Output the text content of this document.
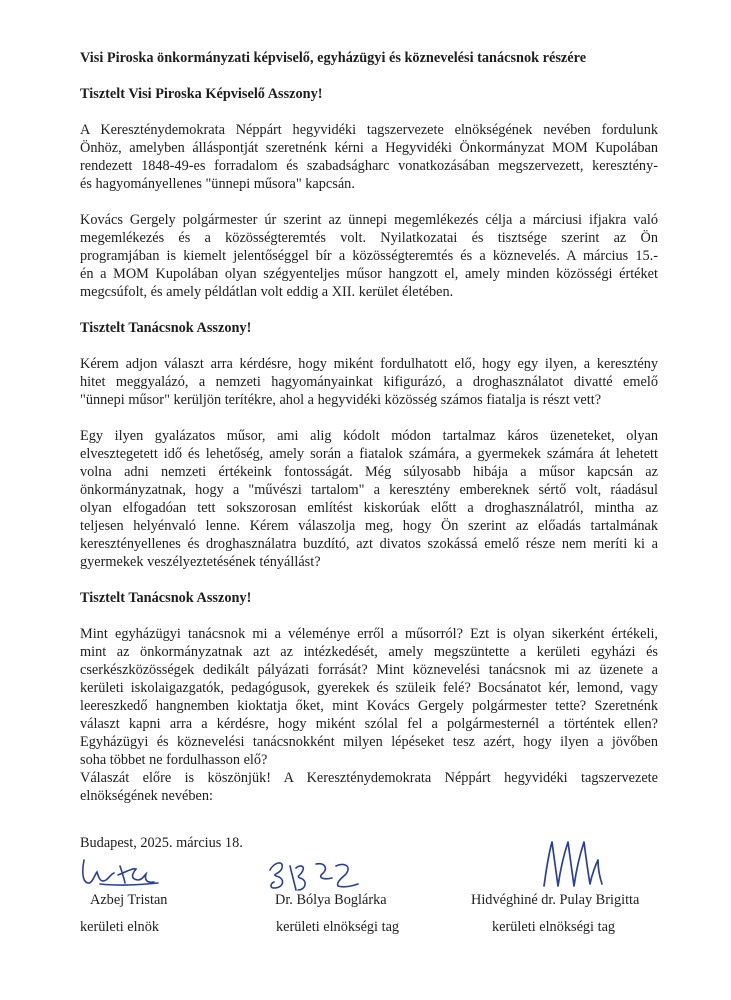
Visi Piroska önkormányzati képviselő, egyházügyi és köznevelési tanácsnok részére
Tisztelt Visi Piroska Képviselő Asszony!
A Kereszténydemokrata Néppárt hegyvidéki tagszervezete elnökségének nevében fordulunk
Önhöz, amelyben álláspontját szeretnénk kérni a Hegyvidéki Önkormányzat MOM Kupolában
rendezett 1848-49-es forradalom és szabadságharc vonatkozásában megszervezett, keresztény-
és hagyományellenes "ünnepi műsora" kapcsán.
Kovács Gergely polgármester úr szerint az ünnepi megemlékezés célja a márciusi ifjakra való
megemlékezés és a közösségteremtés volt. Nyilatkozatai és tisztsége szerint az Ön
programjában is kiemelt jelentőséggel bír a közösségteremtés és a köznevelés. A március 15.-
én a MOM Kupolában olyan szégyenteljes műsor hangzott el, amely minden közösségi értéket
megcsúfolt, és amely példátlan volt eddig a XII. kerület életében.
Tisztelt Tanácsnok Asszony!
Kérem adjon választ arra kérdésre, hogy miként fordulhatott elő, hogy egy ilyen, a keresztény
hitet meggyalázó, a nemzeti hagyományainkat kifigurázó, a droghasználatot divatté emelő
"ünnepi műsor" kerüljön terítékre, ahol a hegyvidéki közösség számos fiatalja is részt vett?
Egy ilyen gyalázatos műsor, ami alig kódolt módon tartalmaz káros üzeneteket, olyan
elvesztegetett idő és lehetőség, amely során a fiatalok számára, a gyermekek számára át lehetett
volna adni nemzeti értékeink fontosságát. Még súlyosabb hibája a műsor kapcsán az
önkormányzatnak, hogy a "művészi tartalom" a keresztény embereknek sértő volt, ráadásul
olyan elfogadóan tett sokszorosan említést kiskorúak előtt a droghasználatról, mintha az
teljesen helyénvaló lenne. Kérem válaszolja meg, hogy Ön szerint az előadás tartalmának
keresztényellenes és droghasználatra buzdító, azt divatos szokássá emelő része nem meríti ki a
gyermekek veszélyeztetésének tényállást?
Tisztelt Tanácsnok Asszony!
Mint egyházügyi tanácsnok mi a véleménye erről a műsorról? Ezt is olyan sikerként értékeli,
mint az önkormányzatnak azt az intézkedését, amely megszüntette a kerületi egyházi és
cserkészközösségek dedikált pályázati forrását? Mint köznevelési tanácsnok mi az üzenete a
kerületi iskolaigazgatók, pedagógusok, gyerekek és szüleik felé? Bocsánatot kér, lemond, vagy
leereszkedő hangnemben kioktatja őket, mint Kovács Gergely polgármester tette? Szeretnénk
választ kapni arra a kérdésre, hogy miként szólal fel a polgármesternél a történtek ellen?
Egyházügyi és köznevelési tanácsnokként milyen lépéseket tesz azért, hogy ilyen a jövőben
soha többet ne fordulhasson elő?
Válaszát előre is köszönjük! A Kereszténydemokrata Néppárt hegyvidéki tagszervezete
elnökségének nevében:
Budapest, 2025. március 18.
Azbej Tristan
kerületi elnök
Dr. Bólya Boglárka
kerületi elnökségi tag
Hidvéghiné dr. Pulay Brigitta
kerületi elnökségi tag
